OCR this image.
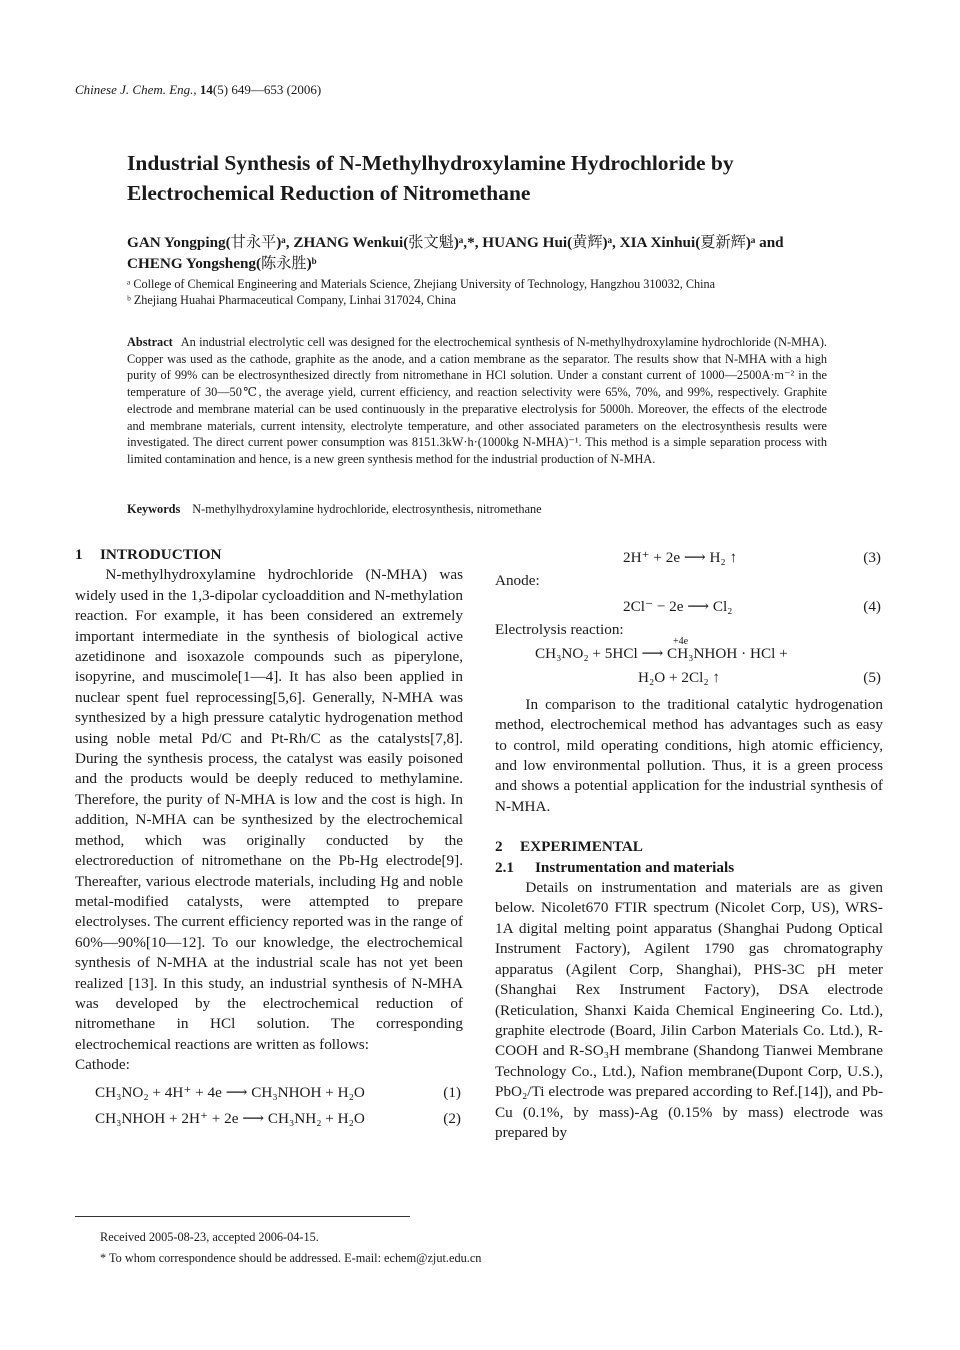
Chinese J. Chem. Eng., 14(5) 649—653 (2006)
Industrial Synthesis of N-Methylhydroxylamine Hydrochloride by Electrochemical Reduction of Nitromethane
GAN Yongping(甘永平)ᵃ, ZHANG Wenkui(张文魁)ᵃ,*, HUANG Hui(黄辉)ᵃ, XIA Xinhui(夏新辉)ᵃ and CHENG Yongsheng(陈永胜)ᵇ
ᵃ College of Chemical Engineering and Materials Science, Zhejiang University of Technology, Hangzhou 310032, China
ᵇ Zhejiang Huahai Pharmaceutical Company, Linhai 317024, China
Abstract An industrial electrolytic cell was designed for the electrochemical synthesis of N-methylhydroxylamine hydrochloride (N-MHA). Copper was used as the cathode, graphite as the anode, and a cation membrane as the separator. The results show that N-MHA with a high purity of 99% can be electrosynthesized directly from nitromethane in HCl solution. Under a constant current of 1000—2500A·m⁻² in the temperature of 30—50℃, the average yield, current efficiency, and reaction selectivity were 65%, 70%, and 99%, respectively. Graphite electrode and membrane material can be used continuously in the preparative electrolysis for 5000h. Moreover, the effects of the electrode and membrane materials, current intensity, electrolyte temperature, and other associated parameters on the electrosynthesis results were investigated. The direct current power consumption was 8151.3kW·h·(1000kg N-MHA)⁻¹. This method is a simple separation process with limited contamination and hence, is a new green synthesis method for the industrial production of N-MHA.
Keywords N-methylhydroxylamine hydrochloride, electrosynthesis, nitromethane
1 INTRODUCTION

N-methylhydroxylamine hydrochloride (N-MHA) was widely used in the 1,3-dipolar cycloaddition and N-methylation reaction. For example, it has been considered an extremely important intermediate in the synthesis of biological active azetidinone and isoxazole compounds such as piperylone, isopyrine, and muscimole[1—4]. It has also been applied in nuclear spent fuel reprocessing[5,6]. Generally, N-MHA was synthesized by a high pressure catalytic hydrogenation method using noble metal Pd/C and Pt-Rh/C as the catalysts[7,8]. During the synthesis process, the catalyst was easily poisoned and the products would be deeply reduced to methylamine. Therefore, the purity of N-MHA is low and the cost is high. In addition, N-MHA can be synthesized by the electrochemical method, which was originally conducted by the electroreduction of nitromethane on the Pb-Hg electrode[9]. Thereafter, various electrode materials, including Hg and noble metal-modified catalysts, were attempted to prepare electrolyses. The current efficiency reported was in the range of 60%—90%[10—12]. To our knowledge, the electrochemical synthesis of N-MHA at the industrial scale has not yet been realized [13]. In this study, an industrial synthesis of N-MHA was developed by the electrochemical reduction of nitromethane in HCl solution. The corresponding electrochemical reactions are written as follows:

Cathode:

CH₃NO₂ + 4H⁺ + 4e ⟶ CH₃NHOH + H₂O	(1)
CH₃NHOH + 2H⁺ + 2e ⟶ CH₃NH₂ + H₂O	(2)
2H⁺ + 2e ⟶ H₂ ↑	(3)

Anode:

2Cl⁻ − 2e ⟶ Cl₂	(4)

Electrolysis reaction:

CH₃NO₂ + 5HCl ⟶ CH₃NHOH · HCl +
+4e
H₂O + 2Cl₂ ↑	(5)

In comparison to the traditional catalytic hydrogenation method, electrochemical method has advantages such as easy to control, mild operating conditions, high atomic efficiency, and low environmental pollution. Thus, it is a green process and shows a potential application for the industrial synthesis of N-MHA.

2 EXPERIMENTAL
2.1 Instrumentation and materials

Details on instrumentation and materials are as given below. Nicolet670 FTIR spectrum (Nicolet Corp, US), WRS-1A digital melting point apparatus (Shanghai Pudong Optical Instrument Factory), Agilent 1790 gas chromatography apparatus (Agilent Corp, Shanghai), PHS-3C pH meter (Shanghai Rex Instrument Factory), DSA electrode (Reticulation, Shanxi Kaida Chemical Engineering Co. Ltd.), graphite electrode (Board, Jilin Carbon Materials Co. Ltd.), R-COOH and R-SO₃H membrane (Shandong Tianwei Membrane Technology Co., Ltd.), Nafion membrane(Dupont Corp, U.S.), PbO₂/Ti electrode was prepared according to Ref.[14]), and Pb-Cu (0.1%, by mass)-Ag (0.15% by mass) electrode was prepared by

Received 2005-08-23, accepted 2006-04-15.
* To whom correspondence should be addressed. E-mail: echem@zjut.edu.cn
